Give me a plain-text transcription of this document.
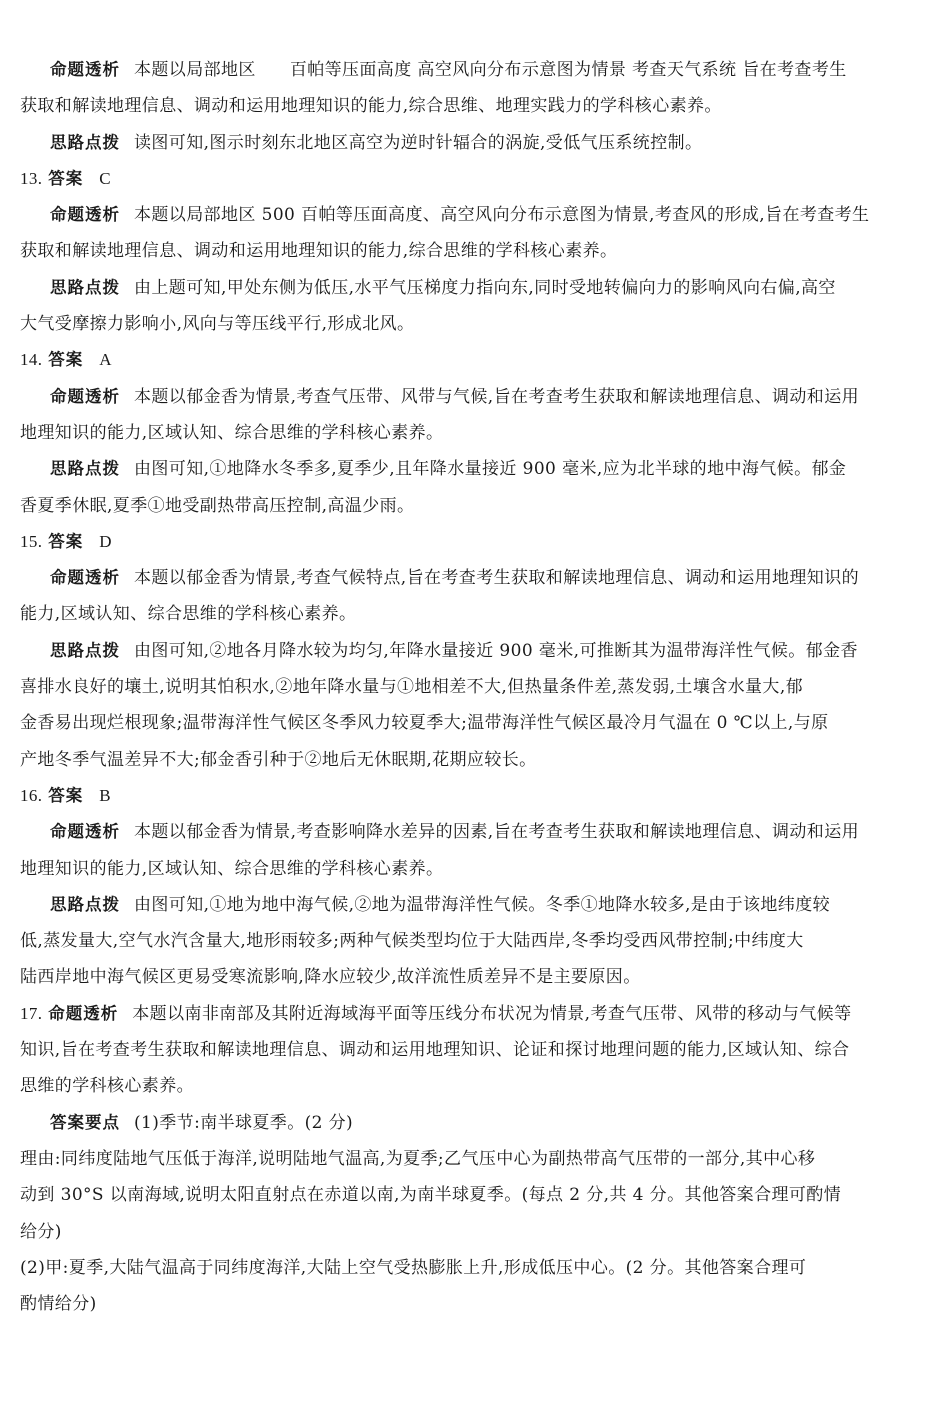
命题透析 本题以局部地区 百帕等压面高度 高空风向分布示意图为情景 考查天气系统 旨在考查考生
获取和解读地理信息、调动和运用地理知识的能力,综合思维、地理实践力的学科核心素养。
思路点拨 读图可知,图示时刻东北地区高空为逆时针辐合的涡旋,受低气压系统控制。
13. 答案 C
命题透析 本题以局部地区 500 百帕等压面高度、高空风向分布示意图为情景,考查风的形成,旨在考查考生
获取和解读地理信息、调动和运用地理知识的能力,综合思维的学科核心素养。
思路点拨 由上题可知,甲处东侧为低压,水平气压梯度力指向东,同时受地转偏向力的影响风向右偏,高空
大气受摩擦力影响小,风向与等压线平行,形成北风。
14. 答案 A
命题透析 本题以郁金香为情景,考查气压带、风带与气候,旨在考查考生获取和解读地理信息、调动和运用
地理知识的能力,区域认知、综合思维的学科核心素养。
思路点拨 由图可知,①地降水冬季多,夏季少,且年降水量接近 900 毫米,应为北半球的地中海气候。郁金
香夏季休眠,夏季①地受副热带高压控制,高温少雨。
15. 答案 D
命题透析 本题以郁金香为情景,考查气候特点,旨在考查考生获取和解读地理信息、调动和运用地理知识的
能力,区域认知、综合思维的学科核心素养。
思路点拨 由图可知,②地各月降水较为均匀,年降水量接近 900 毫米,可推断其为温带海洋性气候。郁金香
喜排水良好的壤土,说明其怕积水,②地年降水量与①地相差不大,但热量条件差,蒸发弱,土壤含水量大,郁
金香易出现烂根现象;温带海洋性气候区冬季风力较夏季大;温带海洋性气候区最冷月气温在 0 ℃以上,与原
产地冬季气温差异不大;郁金香引种于②地后无休眠期,花期应较长。
16. 答案 B
命题透析 本题以郁金香为情景,考查影响降水差异的因素,旨在考查考生获取和解读地理信息、调动和运用
地理知识的能力,区域认知、综合思维的学科核心素养。
思路点拨 由图可知,①地为地中海气候,②地为温带海洋性气候。冬季①地降水较多,是由于该地纬度较
低,蒸发量大,空气水汽含量大,地形雨较多;两种气候类型均位于大陆西岸,冬季均受西风带控制;中纬度大
陆西岸地中海气候区更易受寒流影响,降水应较少,故洋流性质差异不是主要原因。
17. 命题透析 本题以南非南部及其附近海域海平面等压线分布状况为情景,考查气压带、风带的移动与气候等
知识,旨在考查考生获取和解读地理信息、调动和运用地理知识、论证和探讨地理问题的能力,区域认知、综合
思维的学科核心素养。
答案要点 (1)季节:南半球夏季。(2 分)
理由:同纬度陆地气压低于海洋,说明陆地气温高,为夏季;乙气压中心为副热带高气压带的一部分,其中心移
动到 30°S 以南海域,说明太阳直射点在赤道以南,为南半球夏季。(每点 2 分,共 4 分。其他答案合理可酌情
给分)
(2)甲:夏季,大陆气温高于同纬度海洋,大陆上空气受热膨胀上升,形成低压中心。(2 分。其他答案合理可
酌情给分)
